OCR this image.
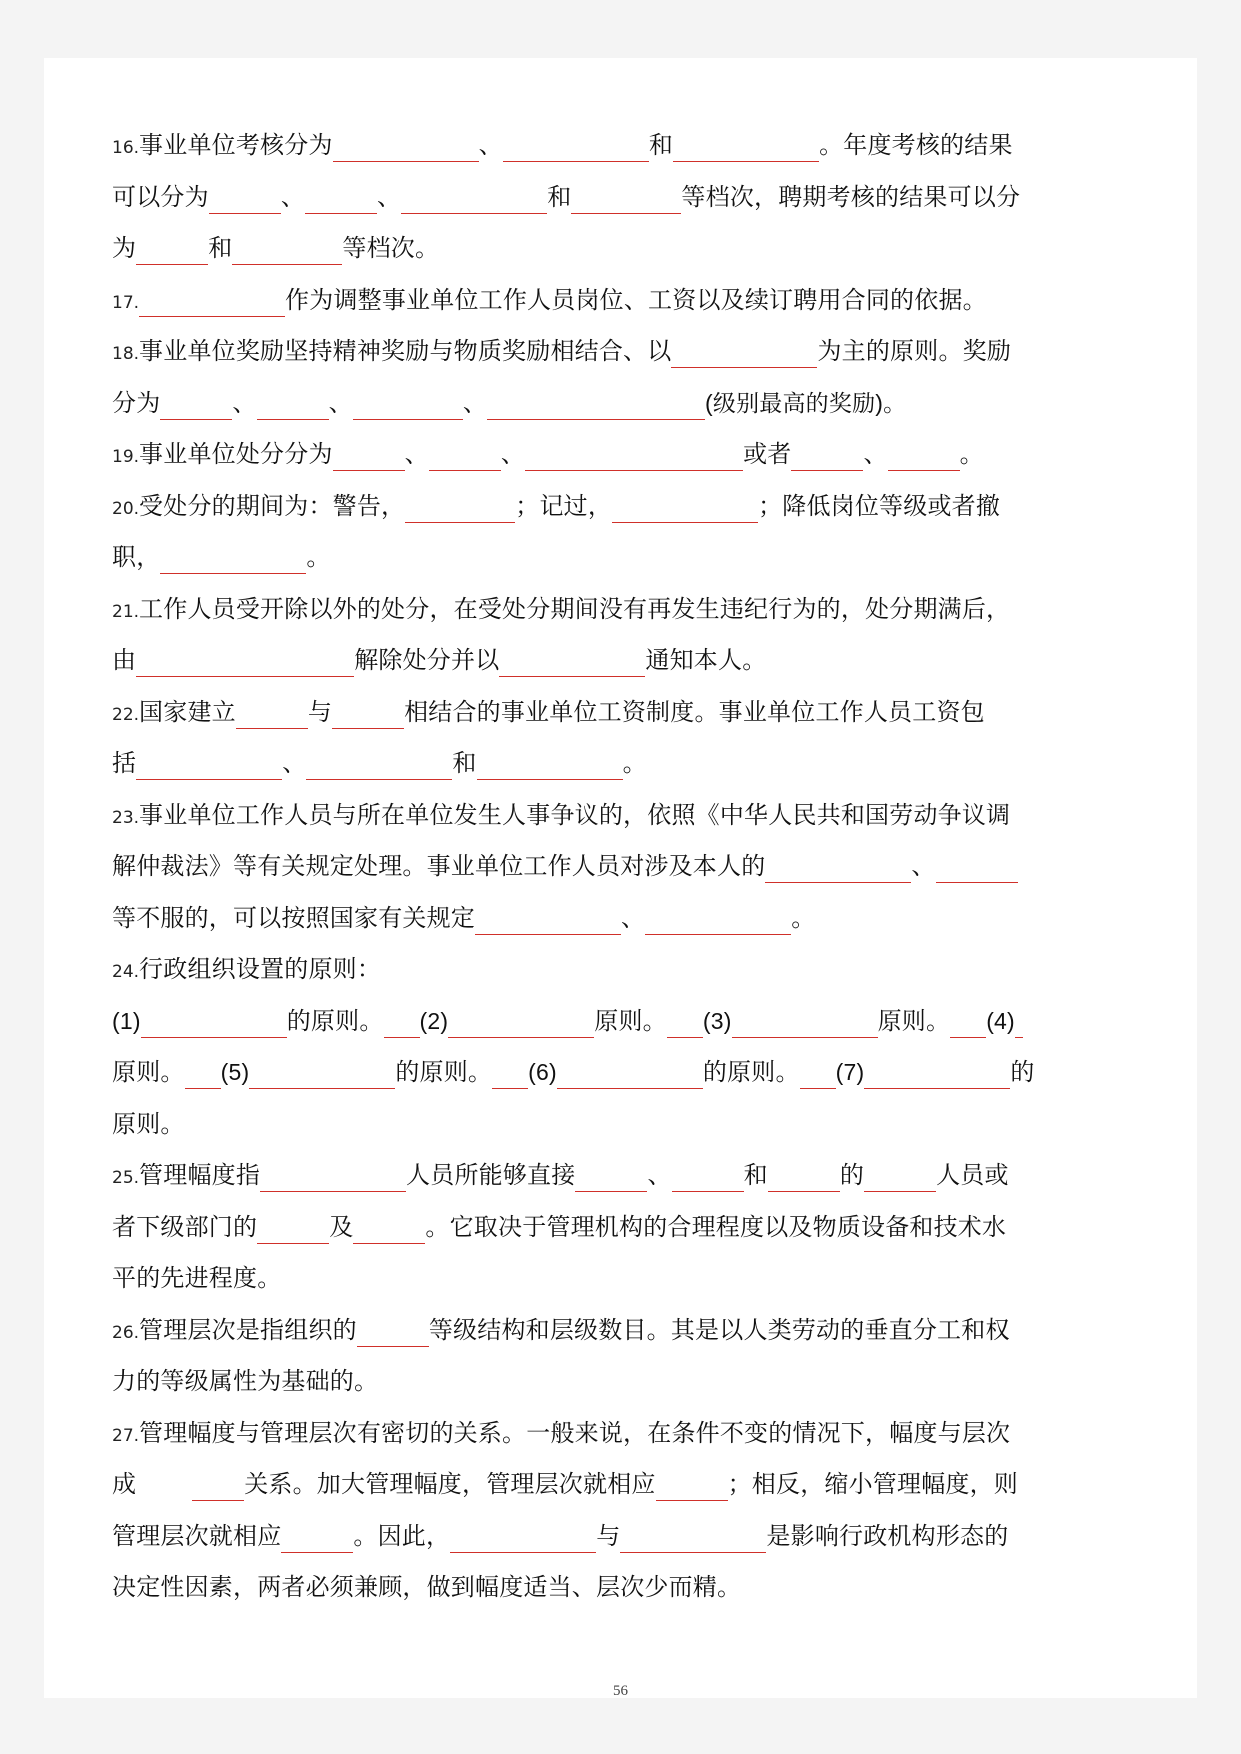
16.事业单位考核分为	、	和	。年度考核的结果
可以分为	、	、	和	等档次，聘期考核的结果可以分
为	和	等档次。
17.	作为调整事业单位工作人员岗位、工资以及续订聘用合同的依据。
18.事业单位奖励坚持精神奖励与物质奖励相结合、以	为主的原则。奖励
分为	、	、	、	(级别最高的奖励)。
19.事业单位处分分为	、	、	或者	、	。
20.受处分的期间为：警告，	；记过，	；降低岗位等级或者撤
职，	。
21.工作人员受开除以外的处分，在受处分期间没有再发生违纪行为的，处分期满后，
由	解除处分并以	通知本人。
22.国家建立	与	相结合的事业单位工资制度。事业单位工作人员工资包
括	、	和	。
23.事业单位工作人员与所在单位发生人事争议的，依照《中华人民共和国劳动争议调
解仲裁法》等有关规定处理。事业单位工作人员对涉及本人的	、
等不服的，可以按照国家有关规定	、	。
24.行政组织设置的原则：
(1)	的原则。 (2)	原则。 (3)	原则。 (4)
原则。 (5)	的原则。 (6)	的原则。 (7)	的
原则。
25.管理幅度指	人员所能够直接	、	和	的	人员或
者下级部门的	及	。它取决于管理机构的合理程度以及物质设备和技术水
平的先进程度。
26.管理层次是指组织的	等级结构和层级数目。其是以人类劳动的垂直分工和权
力的等级属性为基础的。
27.管理幅度与管理层次有密切的关系。一般来说，在条件不变的情况下，幅度与层次
成	关系。加大管理幅度，管理层次就相应	；相反，缩小管理幅度，则
管理层次就相应	。因此，	与	是影响行政机构形态的
决定性因素，两者必须兼顾，做到幅度适当、层次少而精。
56
